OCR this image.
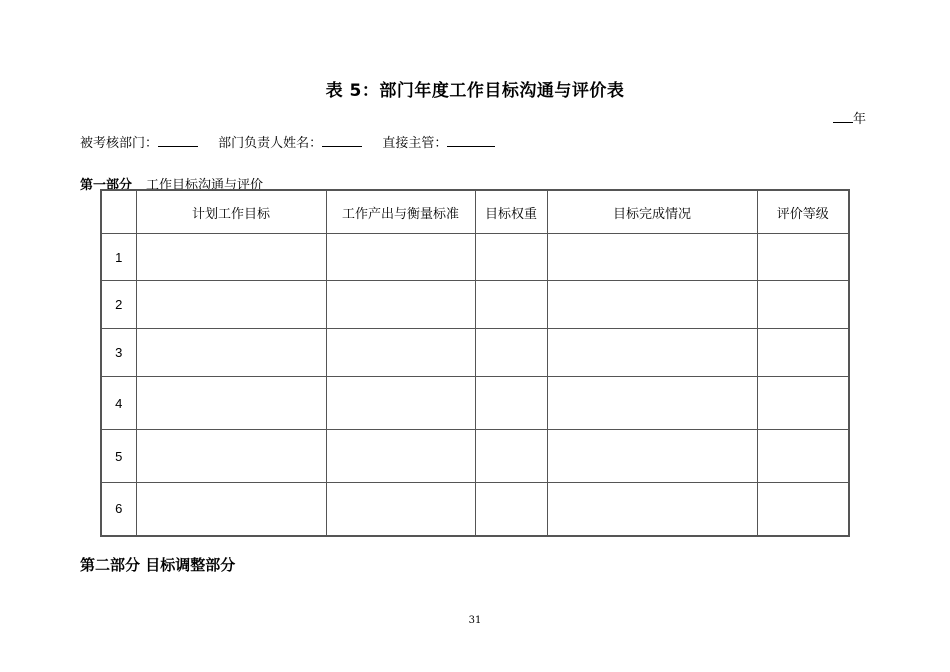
表 5：部门年度工作目标沟通与评价表
年
被考核部门：	部门负责人姓名：	直接主管：
第一部分 工作目标沟通与评价
	计划工作目标	工作产出与衡量标准	目标权重	目标完成情况	评价等级
1					
2					
3					
4					
5					
6					
第二部分 目标调整部分
31
